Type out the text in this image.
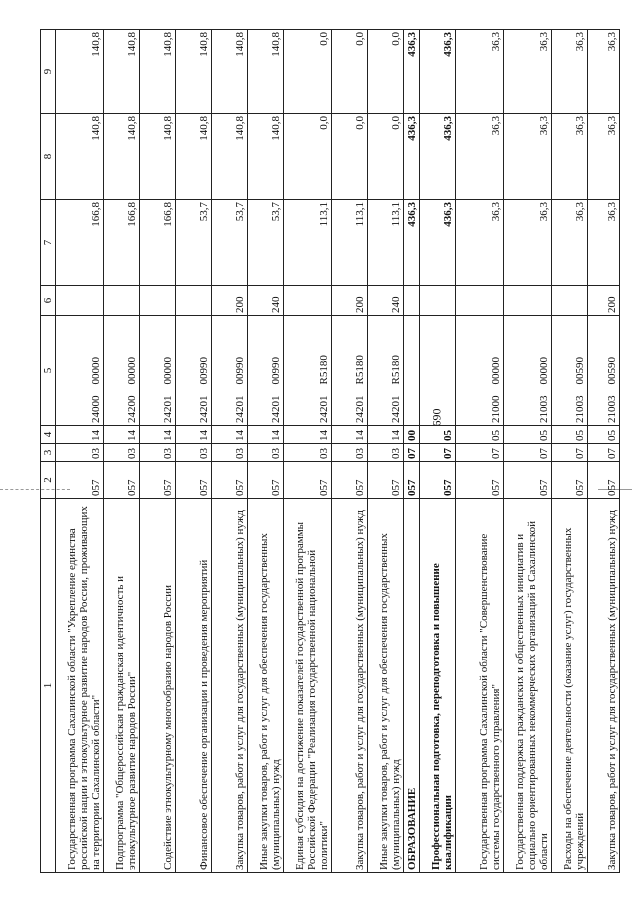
690
1	2	3	4	5	6	7	8	9
Государственная программа Сахалинской области "Укрепление единства российской нации и этнокультурное развитие народов России, проживающих на территории Сахалинской области"	057	03	14	24000    00000		166,8	140,8	140,8
Подпрограмма "Общероссийская гражданская идентичность и этнокультурное развитие народов России"	057	03	14	24200    00000		166,8	140,8	140,8
Содействие этнокультурному многообразию народов России	057	03	14	24201    00000		166,8	140,8	140,8
Финансовое обеспечение организации и проведения мероприятий	057	03	14	24201    00990		53,7	140,8	140,8
Закупка товаров, работ и услуг для государственных (муниципальных) нужд	057	03	14	24201    00990	200	53,7	140,8	140,8
Иные закупки товаров, работ и услуг для обеспечения государственных (муниципальных) нужд	057	03	14	24201    00990	240	53,7	140,8	140,8
Единая субсидия на достижение показателей государственной программы Российской Федерации "Реализация государственной национальной политики"	057	03	14	24201    R5180		113,1	0,0	0,0
Закупка товаров, работ и услуг для государственных (муниципальных) нужд	057	03	14	24201    R5180	200	113,1	0,0	0,0
Иные закупки товаров, работ и услуг для обеспечения государственных (муниципальных) нужд	057	03	14	24201    R5180	240	113,1	0,0	0,0
ОБРАЗОВАНИЕ	057	07	00			436,3	436,3	436,3
Профессиональная подготовка, переподготовка и повышение квалификации	057	07	05			436,3	436,3	436,3
Государственная программа Сахалинской области "Совершенствование системы государственного управления"	057	07	05	21000    00000		36,3	36,3	36,3
Государственная поддержка гражданских и общественных инициатив и социально ориентированных некоммерческих организаций в Сахалинской области	057	07	05	21003    00000		36,3	36,3	36,3
Расходы на обеспечение деятельности (оказание услуг) государственных учреждений	057	07	05	21003    00590		36,3	36,3	36,3
Закупка товаров, работ и услуг для государственных (муниципальных) нужд	057	07	05	21003    00590	200	36,3	36,3	36,3
